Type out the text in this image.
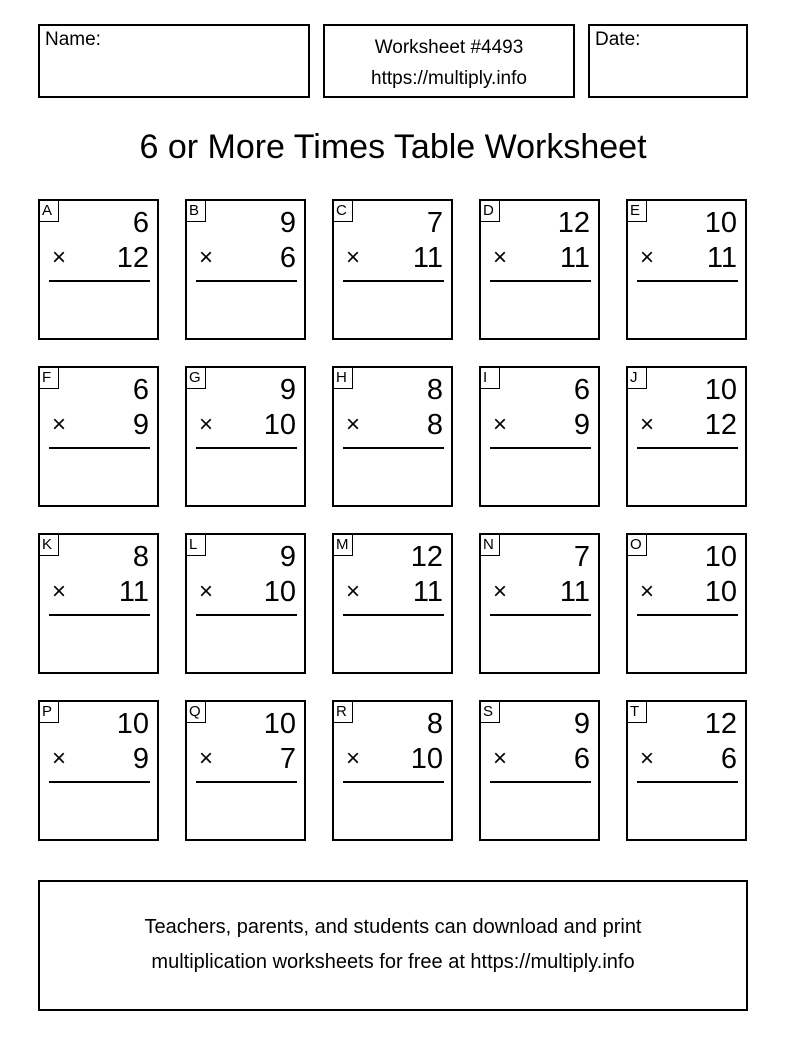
Name:	Worksheet #4493
https://multiply.info
Date:
6 or More Times Table Worksheet
A	6
× 12
B	9
× 6
C	7
× 11
D 12
× 11
E 10
× 11
F	6
× 9
G	9
× 10
H	8
× 8
I	6
× 9
J	10
× 12
K	8
× 11
L	9
× 10
M 12
× 11
N	7
× 11
O 10
× 10
P 10
× 9
Q 10
× 7
R	8
× 10
S	9
× 6
T 12
× 6
Teachers, parents, and students can download and print
multiplication worksheets for free at https://multiply.info
